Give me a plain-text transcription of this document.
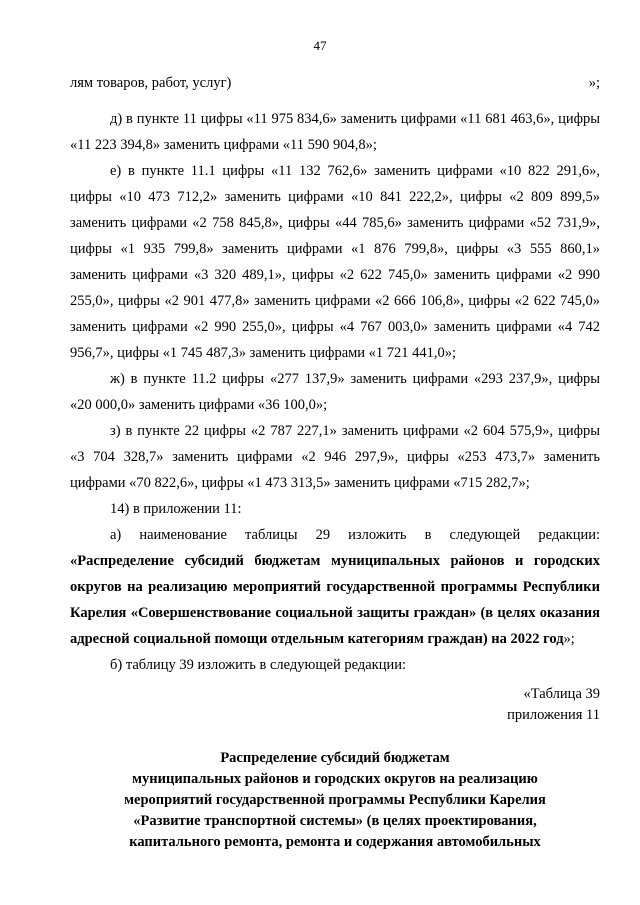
47
лям товаров, работ, услуг)	»;

д) в пункте 11 цифры «11 975 834,6» заменить цифрами «11 681 463,6», цифры «11 223 394,8» заменить цифрами «11 590 904,8»;

е) в пункте 11.1 цифры «11 132 762,6» заменить цифрами «10 822 291,6», цифры «10 473 712,2» заменить цифрами «10 841 222,2», цифры «2 809 899,5» заменить цифрами «2 758 845,8», цифры «44 785,6» заменить цифрами «52 731,9», цифры «1 935 799,8» заменить цифрами «1 876 799,8», цифры «3 555 860,1» заменить цифрами «3 320 489,1», цифры «2 622 745,0» заменить цифрами «2 990 255,0», цифры «2 901 477,8» заменить цифрами «2 666 106,8», цифры «2 622 745,0» заменить цифрами «2 990 255,0», цифры «4 767 003,0» заменить цифрами «4 742 956,7», цифры «1 745 487,3» заменить цифрами «1 721 441,0»;

ж) в пункте 11.2 цифры «277 137,9» заменить цифрами «293 237,9», цифры «20 000,0» заменить цифрами «36 100,0»;

з) в пункте 22 цифры «2 787 227,1» заменить цифрами «2 604 575,9», цифры «3 704 328,7» заменить цифрами «2 946 297,9», цифры «253 473,7» заменить цифрами «70 822,6», цифры «1 473 313,5» заменить цифрами «715 282,7»;

14) в приложении 11:

а) наименование таблицы 29 изложить в следующей редакции:

«Распределение субсидий бюджетам муниципальных районов и городских округов на реализацию мероприятий государственной программы Республики Карелия «Совершенствование социальной защиты граждан» (в целях оказания адресной социальной помощи отдельным категориям граждан) на 2022 год»;

б) таблицу 39 изложить в следующей редакции:

«Таблица 39
приложения 11
Распределение субсидий бюджетам
муниципальных районов и городских округов на реализацию
мероприятий государственной программы Республики Карелия
«Развитие транспортной системы» (в целях проектирования,
капитального ремонта, ремонта и содержания автомобильных
